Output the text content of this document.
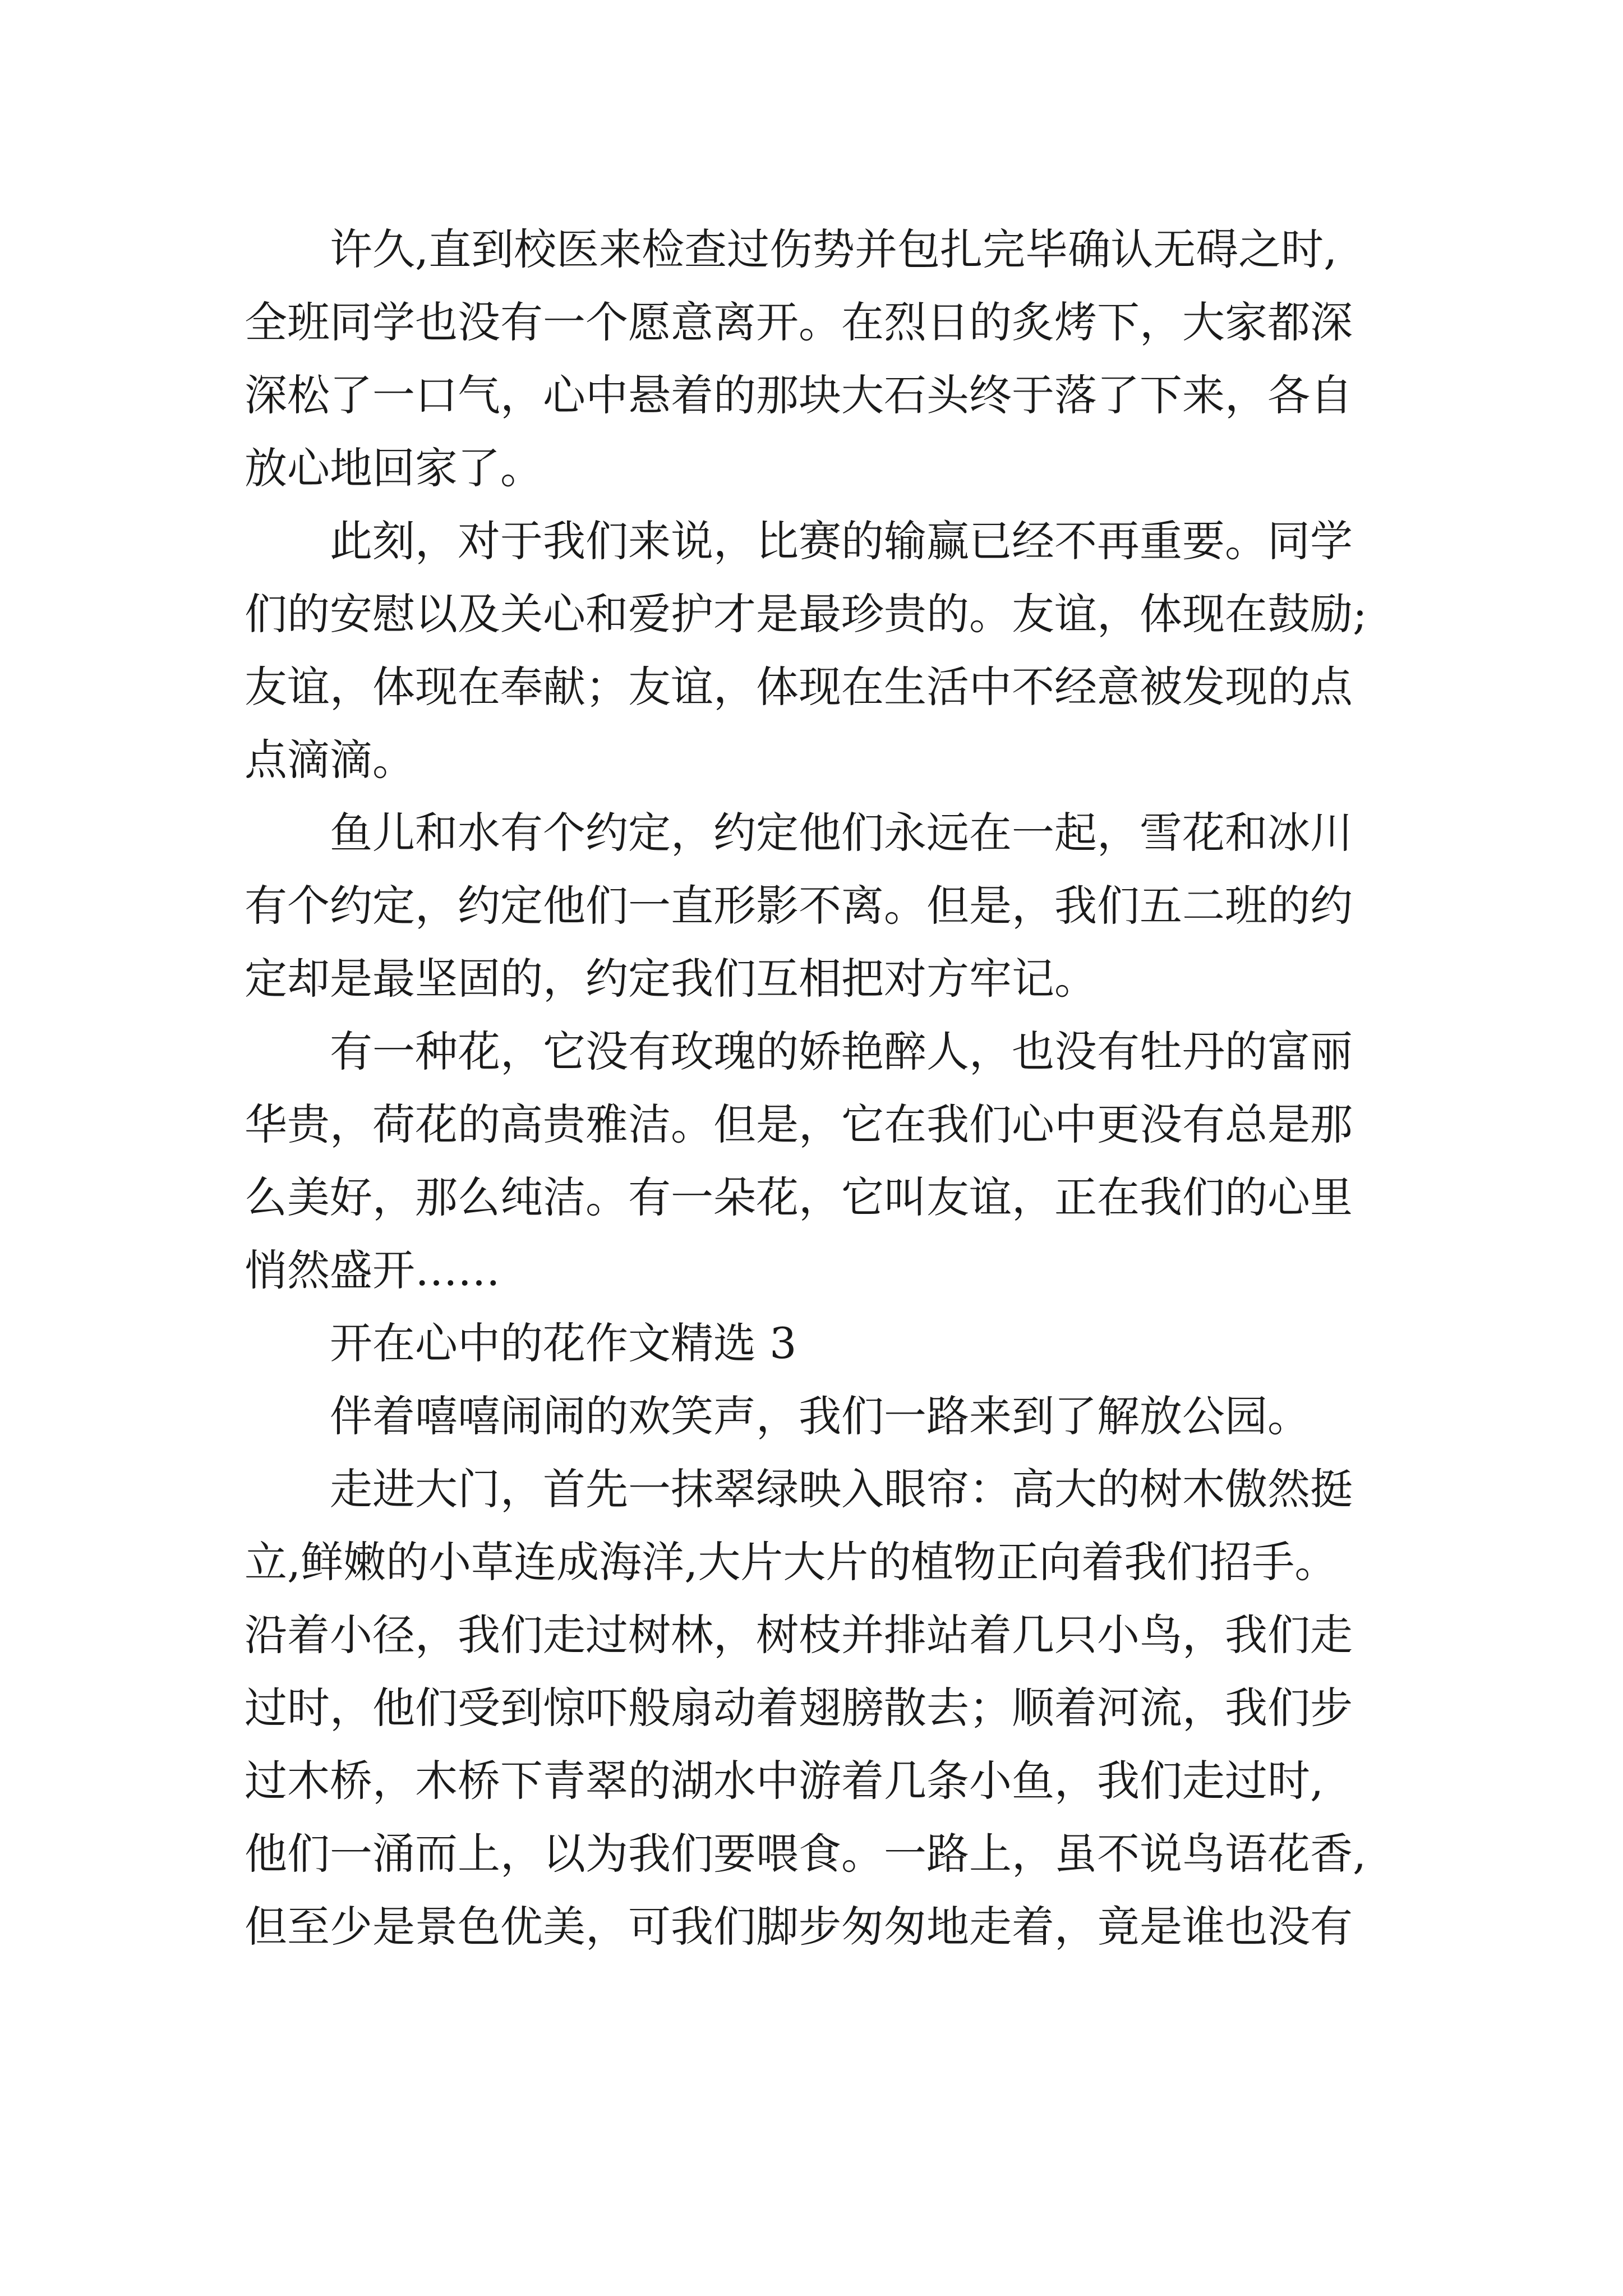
许久,直到校医来检查过伤势并包扎完毕确认无碍之时,
全班同学也没有一个愿意离开。在烈日的炙烤下，大家都深
深松了一口气，心中悬着的那块大石头终于落了下来，各自
放心地回家了。
此刻，对于我们来说，比赛的输赢已经不再重要。同学
们的安慰以及关心和爱护才是最珍贵的。友谊，体现在鼓励;
友谊，体现在奉献；友谊，体现在生活中不经意被发现的点
点滴滴。
鱼儿和水有个约定，约定他们永远在一起，雪花和冰川
有个约定，约定他们一直形影不离。但是，我们五二班的约
定却是最坚固的，约定我们互相把对方牢记。
有一种花，它没有玫瑰的娇艳醉人，也没有牡丹的富丽
华贵，荷花的高贵雅洁。但是，它在我们心中更没有总是那
么美好，那么纯洁。有一朵花，它叫友谊，正在我们的心里
悄然盛开……
开在心中的花作文精选 3
伴着嘻嘻闹闹的欢笑声，我们一路来到了解放公园。
走进大门，首先一抹翠绿映入眼帘：高大的树木傲然挺
立,鲜嫩的小草连成海洋,大片大片的植物正向着我们招手。
沿着小径，我们走过树林，树枝并排站着几只小鸟，我们走
过时，他们受到惊吓般扇动着翅膀散去；顺着河流，我们步
过木桥，木桥下青翠的湖水中游着几条小鱼，我们走过时,
他们一涌而上，以为我们要喂食。一路上，虽不说鸟语花香,
但至少是景色优美，可我们脚步匆匆地走着，竟是谁也没有
